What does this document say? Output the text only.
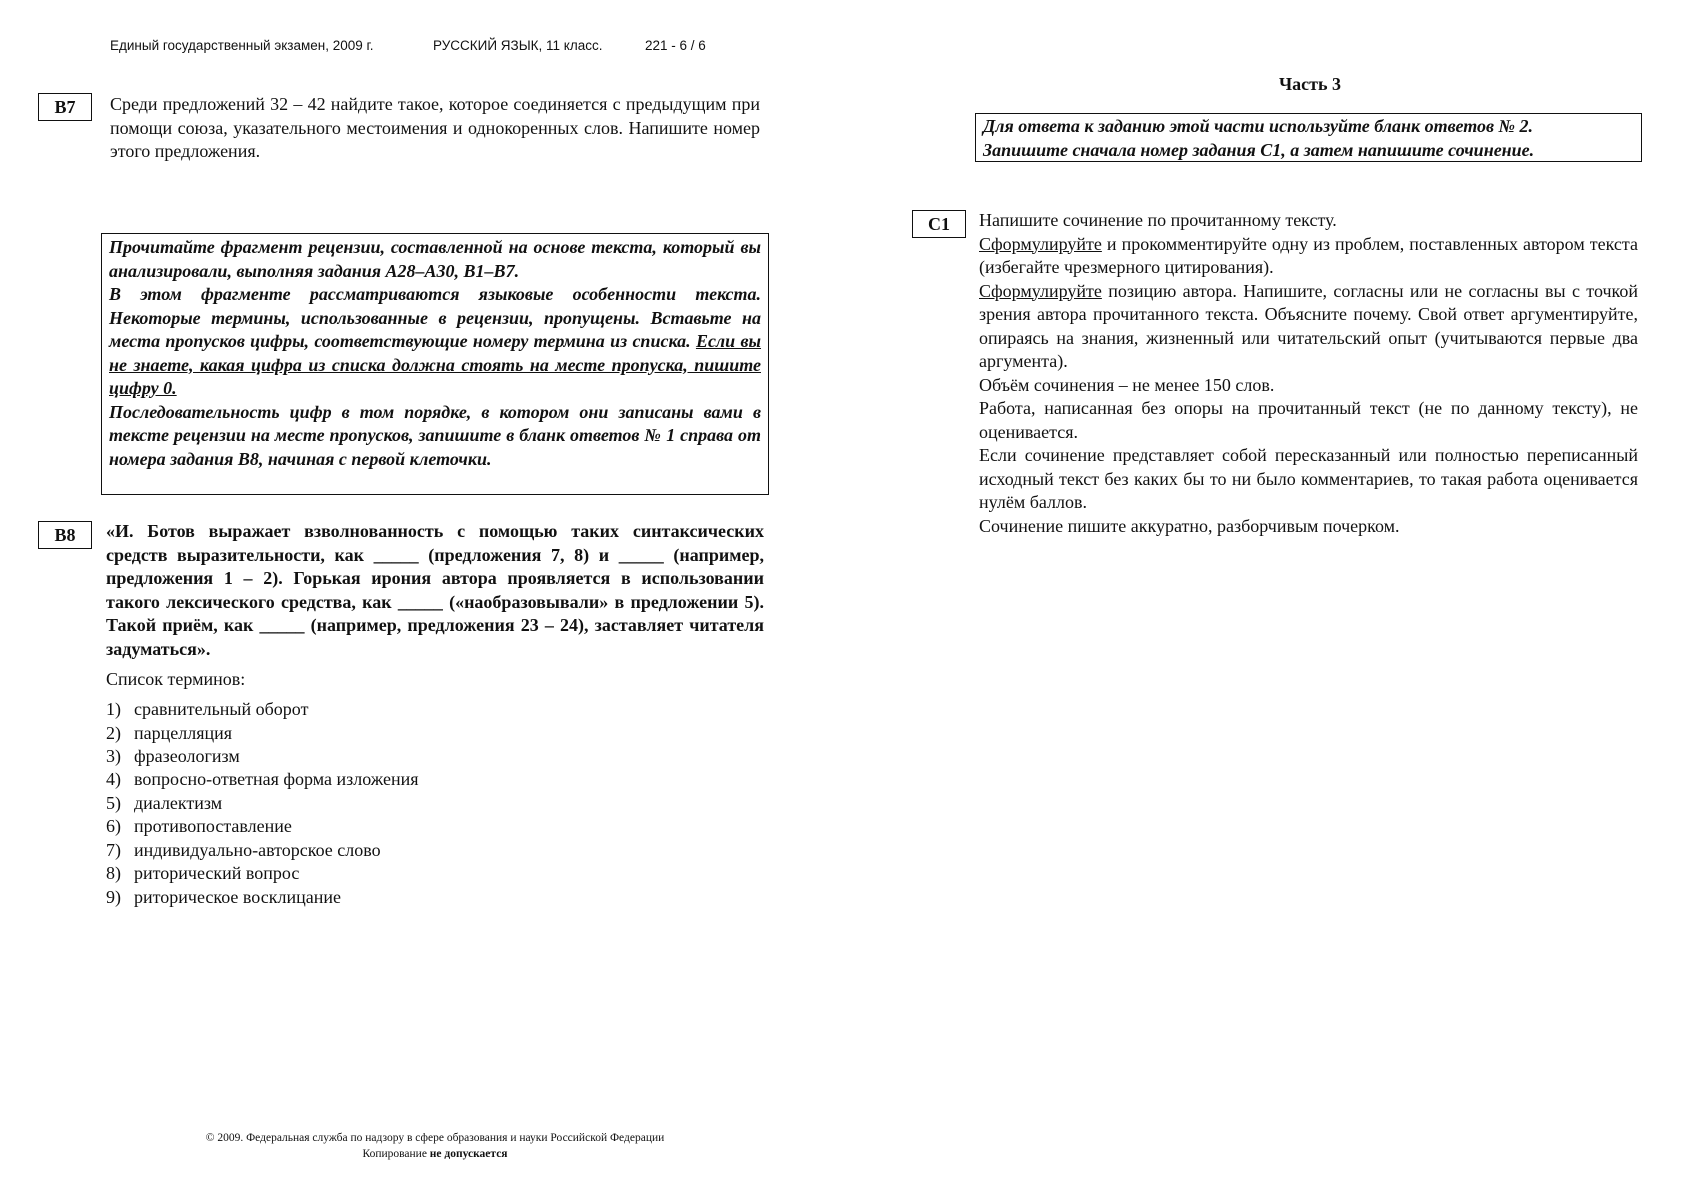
Единый государственный экзамен, 2009 г.	РУССКИЙ ЯЗЫК, 11 класс.	221 - 6 / 6
В7	Среди предложений 32 – 42 найдите такое, которое соединяется с предыдущим при помощи союза, указательного местоимения и однокоренных слов. Напишите номер этого предложения.

Прочитайте фрагмент рецензии, составленной на основе текста, который вы анализировали, выполняя задания А28–А30, В1–В7.

В этом фрагменте рассматриваются языковые особенности текста. Некоторые термины, использованные в рецензии, пропущены. Вставьте на места пропусков цифры, соответствующие номеру термина из списка. Если вы не знаете, какая цифра из списка должна стоять на месте пропуска, пишите цифру 0.

Последовательность цифр в том порядке, в котором они записаны вами в тексте рецензии на месте пропусков, запишите в бланк ответов № 1 справа от номера задания В8, начиная с первой клеточки.

В8	«И. Ботов выражает взволнованность с помощью таких синтаксических средств выразительности, как _____ (предложения 7, 8) и _____ (например, предложения 1 – 2). Горькая ирония автора проявляется в использовании такого лексического средства, как _____ («наобразовывали» в предложении 5). Такой приём, как _____ (например, предложения 23 – 24), заставляет читателя задуматься».
Список терминов:
1) сравнительный оборот
2) парцелляция
3) фразеологизм
4) вопросно-ответная форма изложения
5) диалектизм
6) противопоставление
7) индивидуально-авторское слово
8) риторический вопрос
9) риторическое восклицание
© 2009. Федеральная служба по надзору в сфере образования и науки Российской Федерации
Копирование не допускается
Часть 3
Для ответа к заданию этой части используйте бланк ответов № 2.
Запишите сначала номер задания С1, а затем напишите сочинение.
С1	Напишите сочинение по прочитанному тексту.

Сформулируйте и прокомментируйте одну из проблем, поставленных автором текста (избегайте чрезмерного цитирования).

Сформулируйте позицию автора. Напишите, согласны или не согласны вы с точкой зрения автора прочитанного текста. Объясните почему. Свой ответ аргументируйте, опираясь на знания, жизненный или читательский опыт (учитываются первые два аргумента).

Объём сочинения – не менее 150 слов.

Работа, написанная без опоры на прочитанный текст (не по данному тексту), не оценивается.

Если сочинение представляет собой пересказанный или полностью переписанный исходный текст без каких бы то ни было комментариев, то такая работа оценивается нулём баллов.

Сочинение пишите аккуратно, разборчивым почерком.
